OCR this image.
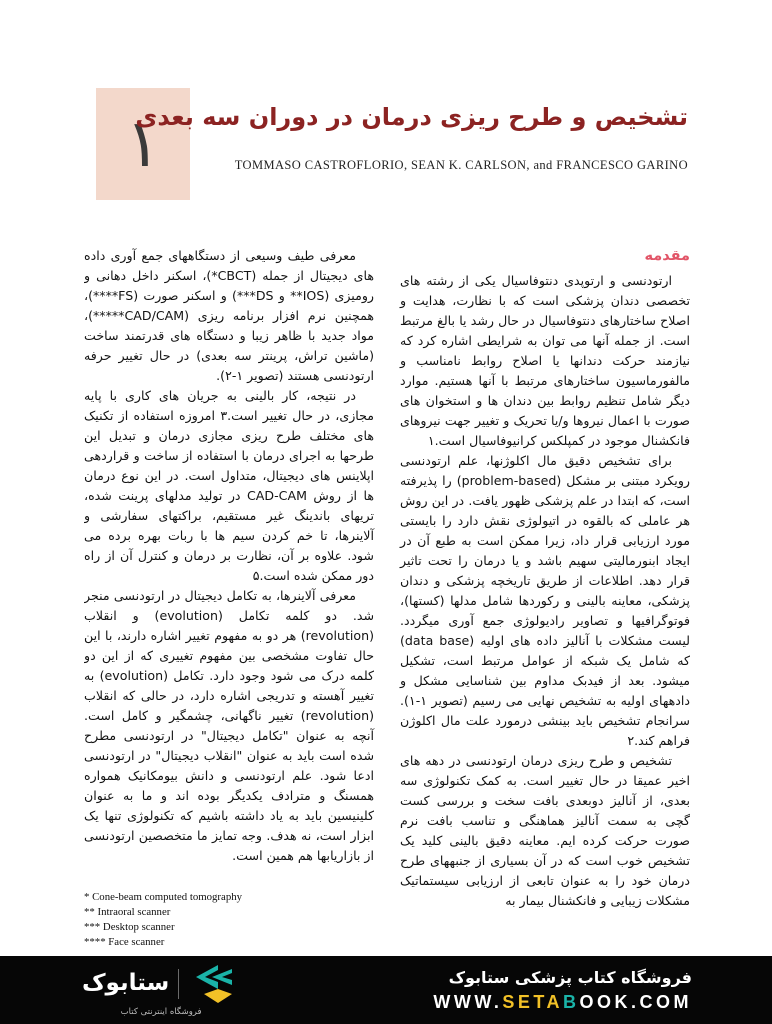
۱
تشخیص و طرح ریزی درمان در دوران سه بعدی
TOMMASO CASTROFLORIO, SEAN K. CARLSON, and FRANCESCO GARINO
مقدمه

ارتودنسی و ارتوپدی دنتوفاسیال یکی از رشته های تخصصی دندان پزشکی است که با نظارت، هدایت و اصلاح ساختارهای دنتوفاسیال در حال رشد یا بالغ مرتبط است. از جمله آنها می توان به شرایطی اشاره کرد که نیازمند حرکت دندانها یا اصلاح روابط نامناسب و مالفورماسیون ساختارهای مرتبط با آنها هستیم. موارد دیگر شامل تنظیم روابط بین دندان ها و استخوان های صورت با اعمال نیروها و/یا تحریک و تغییر جهت نیروهای فانکشنال موجود در کمپلکس کرانیوفاسیال است.۱

برای تشخیص دقیق مال اکلوژنها، علم ارتودنسی رویکرد مبتنی بر مشکل (problem-based) را پذیرفته است، که ابتدا در علم پزشکی ظهور یافت. در این روش هر عاملی که بالقوه در اتیولوژی نقش دارد را بایستی مورد ارزیابی قرار داد، زیرا ممکن است به طبع آن در ایجاد ابنورمالیتی سهیم باشد و یا درمان را تحت تاثیر قرار دهد. اطلاعات از طریق تاریخچه پزشکی و دندان پزشکی، معاینه بالینی و رکوردها شامل مدلها (کستها)، فوتوگرافیها و تصاویر رادیولوژی جمع آوری میگردد. لیست مشکلات با آنالیز داده های اولیه (data base) که شامل یک شبکه از عوامل مرتبط است، تشکیل میشود. بعد از فیدبک مداوم بین شناسایی مشکل و دادههای اولیه به تشخیص نهایی می رسیم (تصویر ۱-۱). سرانجام تشخیص باید بینشی درمورد علت مال اکلوژن فراهم کند.۲

تشخیص و طرح ریزی درمان ارتودنسی در دهه های اخیر عمیقا در حال تغییر است. به کمک تکنولوژی سه بعدی، از آنالیز دوبعدی بافت سخت و بررسی کست گچی به سمت آنالیز هماهنگی و تناسب بافت نرم صورت حرکت کرده ایم. معاینه دقیق بالینی کلید یک تشخیص خوب است که در آن بسیاری از جنبههای طرح درمان خود را به عنوان تابعی از ارزیابی سیستماتیک مشکلات زیبایی و فانکشنال بیمار به

معرفی طیف وسیعی از دستگاههای جمع آوری داده های دیجیتال از جمله (CBCT*)، اسکنر داخل دهانی و رومیزی (IOS** و DS***) و اسکنر صورت (FS****)، همچنین نرم افزار برنامه ریزی (CAD/CAM*****)، مواد جدید با ظاهر زیبا و دستگاه های قدرتمند ساخت (ماشین تراش، پرینتر سه بعدی) در حال تغییر حرفه ارتودنسی هستند (تصویر ۱-۲).

در نتیجه، کار بالینی به جریان های کاری با پایه مجازی، در حال تغییر است.۳ امروزه استفاده از تکنیک های مختلف طرح ریزی مجازی درمان و تبدیل این طرحها به اجرای درمان با استفاده از ساخت و قراردهی اپلاینس های دیجیتال، متداول است. در این نوع درمان ها از روش CAD-CAM در تولید مدلهای پرینت شده، تریهای باندینگ غیر مستقیم، براکتهای سفارشی و آلاینرها، تا خم کردن سیم ها با ربات بهره برده می شود. علاوه بر آن، نظارت بر درمان و کنترل آن از راه دور ممکن شده است.۵

معرفی آلاینرها، به تکامل دیجیتال در ارتودنسی منجر شد. دو کلمه تکامل (evolution) و انقلاب (revolution) هر دو به مفهوم تغییر اشاره دارند، با این حال تفاوت مشخصی بین مفهوم تغییری که از این دو کلمه درک می شود وجود دارد. تکامل (evolution) به تغییر آهسته و تدریجی اشاره دارد، در حالی که انقلاب (revolution) تغییر ناگهانی، چشمگیر و کامل است. آنچه به عنوان "تکامل دیجیتال" در ارتودنسی مطرح شده است باید به عنوان "انقلاب دیجیتال" در ارتودنسی ادعا شود. علم ارتودنسی و دانش بیومکانیک همواره همسنگ و مترادف یکدیگر بوده اند و ما به عنوان کلینیسین باید به یاد داشته باشیم که تکنولوژی تنها یک ابزار است، نه هدف. وجه تمایز ما متخصصین ارتودنسی از بازاریابها هم همین است.

* Cone-beam computed tomography
** Intraoral scanner
*** Desktop scanner
**** Face scanner
ستابوک
فروشگاه اینترنتی کتاب
فروشگاه کتاب پزشکی ستابوک
WWW.SETABOOK.COM
